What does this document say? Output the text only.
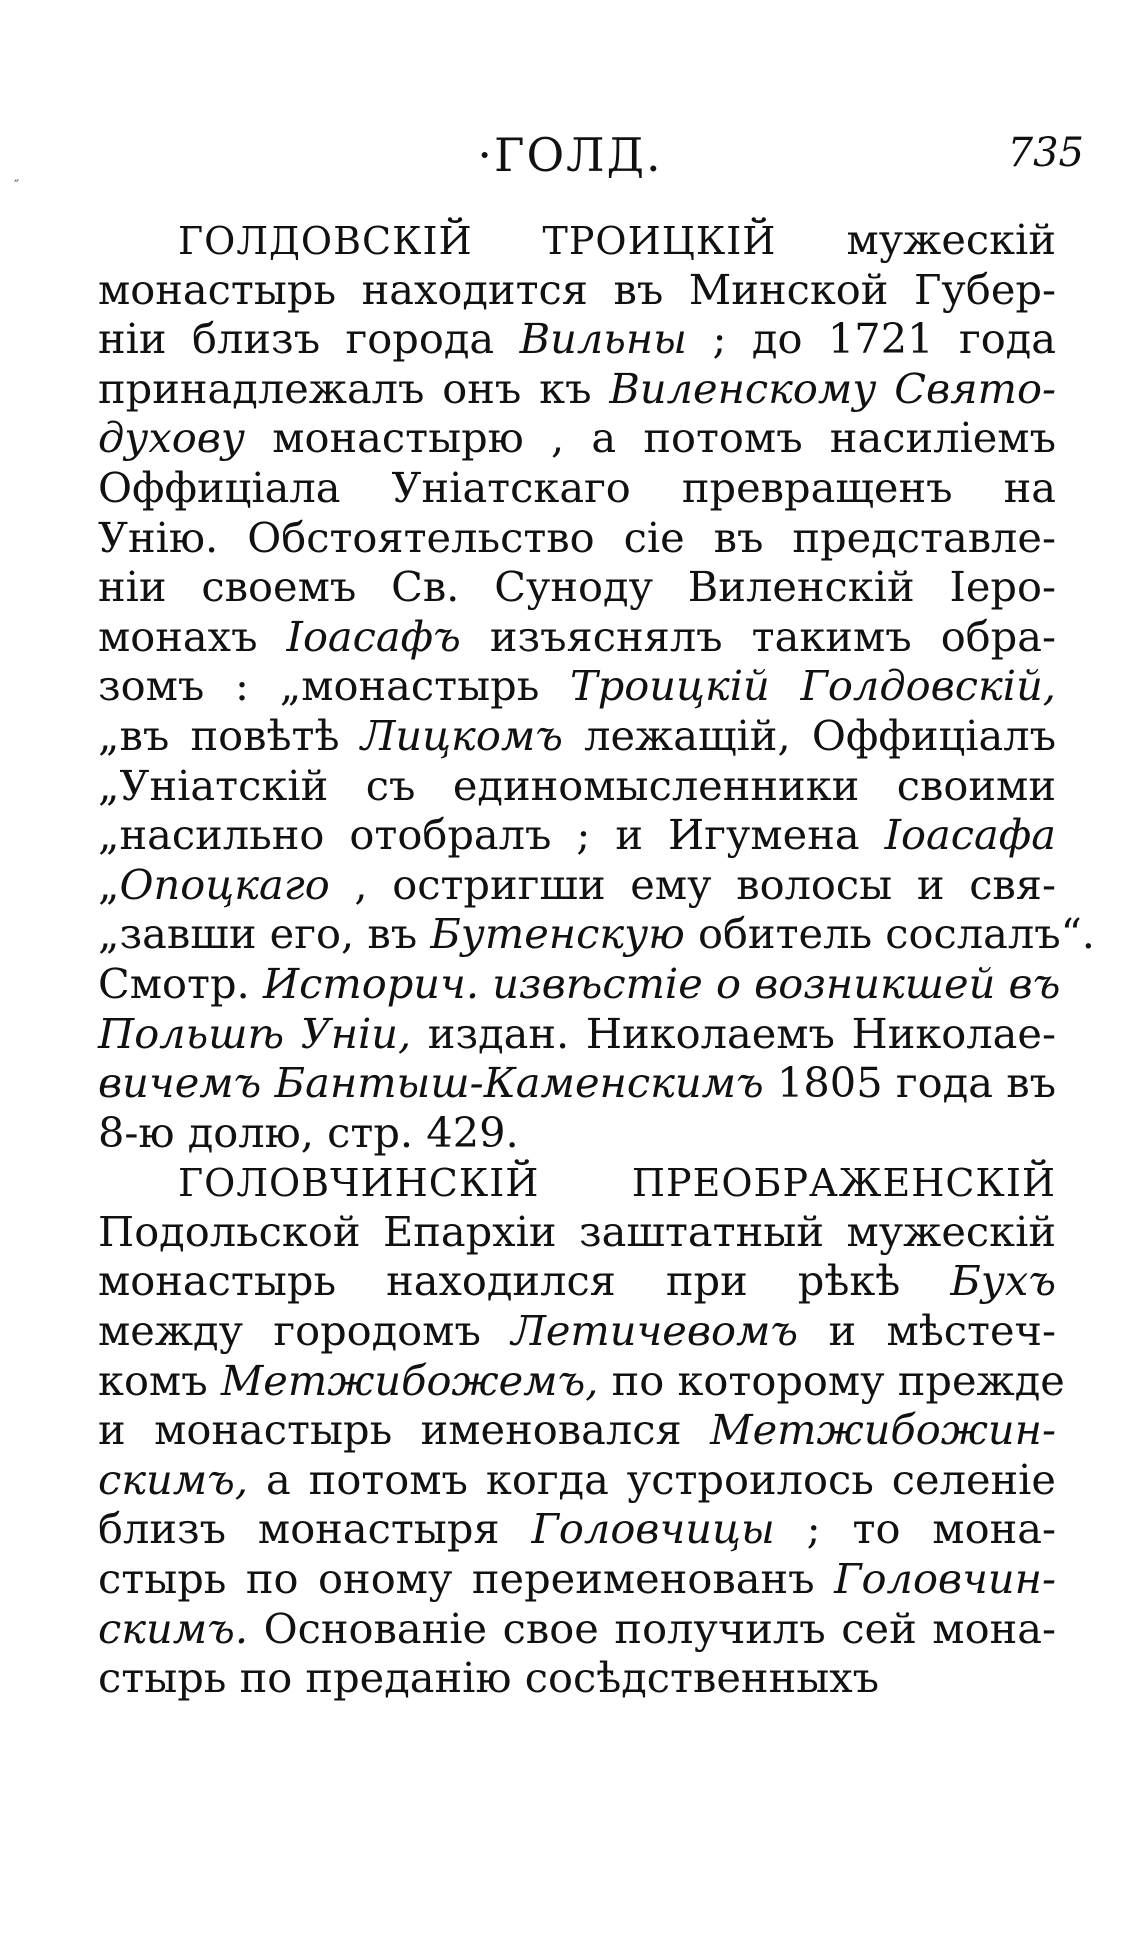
·ГОЛД.	735
″
ГОЛДОВСКІЙ ТРОИЦКІЙ мужескій
монастырь находится въ Минской Губер-
ніи близъ города Вильны ; до 1721 года
принадлежалъ онъ къ Виленскому Свято-
духову монастырю , а потомъ насиліемъ
Оффиціала Уніатскаго превращенъ на
Унію. Обстоятельство сіе въ представле-
ніи своемъ Св. Суноду Виленскій Іеро-
монахъ Іоасафъ изъяснялъ такимъ обра-
зомъ : „монастырь Троицкій Голдовскій,
„въ повѣтѣ Лицкомъ лежащій, Оффиціалъ
„Уніатскій съ единомысленники своими
„насильно отобралъ ; и Игумена Іоасафа
„Опоцкаго , остригши ему волосы и свя-
„завши его, въ Бутенскую обитель сослалъ“.
Смотр. Историч. извѣстіе о возникшей въ
Польшѣ Уніи, издан. Николаемъ Николае-
вичемъ Бантыш-Каменскимъ 1805 года въ
8-ю долю, стр. 429.
ГОЛОВЧИНСКІЙ ПРЕОБРАЖЕНСКІЙ
Подольской Епархіи заштатный мужескій
монастырь находился при рѣкѣ Бухъ
между городомъ Летичевомъ и мѣстеч-
комъ Метжибожемъ, по которому прежде
и монастырь именовался Метжибожин-
скимъ, а потомъ когда устроилось селеніе
близъ монастыря Головчицы ; то мона-
стырь по оному переименованъ Головчин-
скимъ. Основаніе свое получилъ сей мона-
стырь по преданію сосѣдственныхъ
